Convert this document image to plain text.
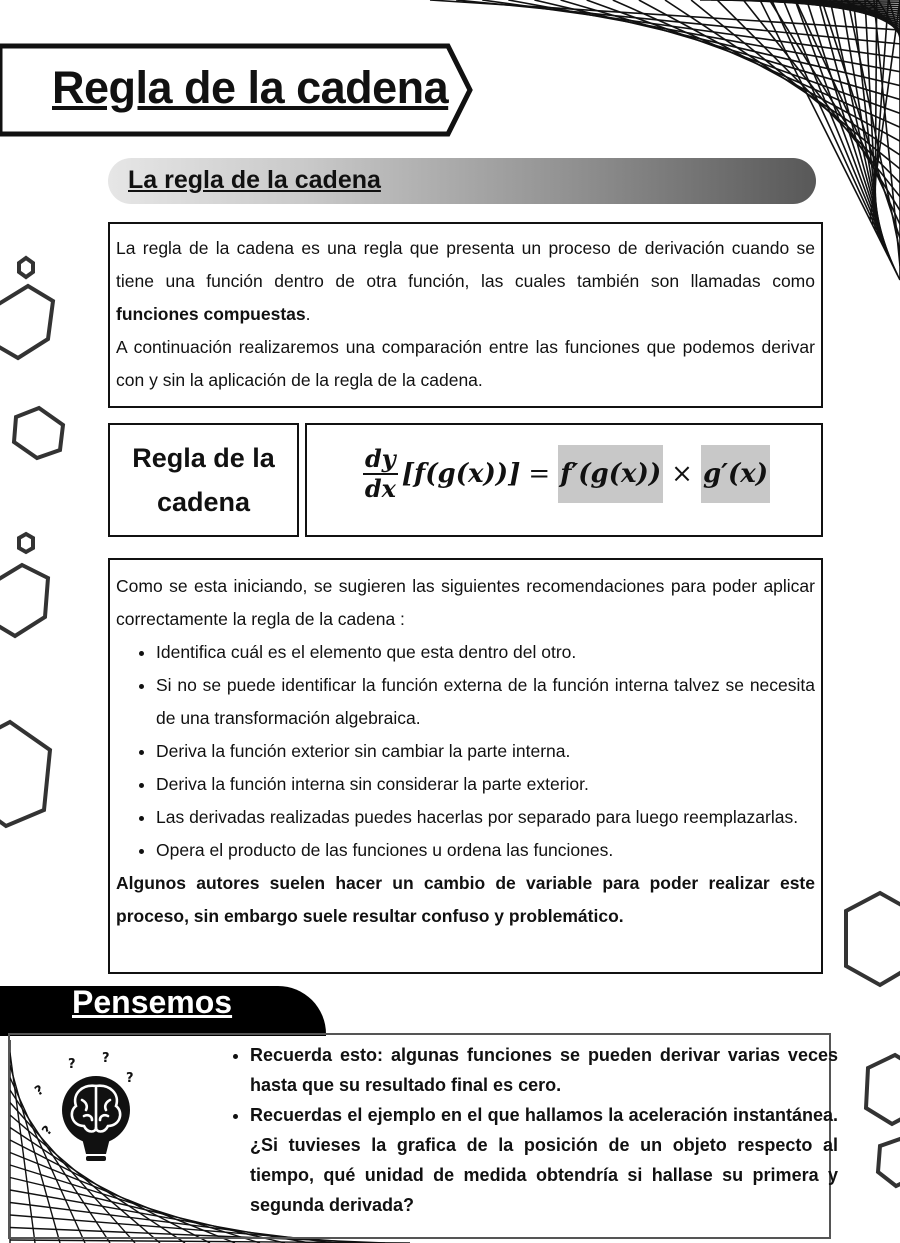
Regla de la cadena
La regla de la cadena

La regla de la cadena es una regla que presenta un proceso de derivación cuando se tiene una función dentro de otra función, las cuales también son llamadas como funciones compuestas.

A continuación realizaremos una comparación entre las funciones que podemos derivar con y sin la aplicación de la regla de la cadena.

Regla de la cadena	$\frac{dy}{dx} [f(g(x))] = f'(g(x)) \times g'(x)$

Como se esta iniciando, se sugieren las siguientes recomendaciones para poder aplicar correctamente la regla de la cadena :

• Identifica cuál es el elemento que esta dentro del otro.
• Si no se puede identificar la función externa de la función interna talvez se necesita de una transformación algebraica.
• Deriva la función exterior sin cambiar la parte interna.
• Deriva la función interna sin considerar la parte exterior.
• Las derivadas realizadas puedes hacerlas por separado para luego reemplazarlas.
• Opera el producto de las funciones u ordena las funciones.

Algunos autores suelen hacer un cambio de variable para poder realizar este proceso, sin embargo suele resultar confuso y problemático.

Pensemos
? ?
?
?
?
• Recuerda esto: algunas funciones se pueden derivar varias veces hasta que su resultado final es cero.
• Recuerdas el ejemplo en el que hallamos la aceleración instantánea. ¿Si tuvieses la grafica de la posición de un objeto respecto al tiempo, qué unidad de medida obtendría si hallase su primera y segunda derivada?
